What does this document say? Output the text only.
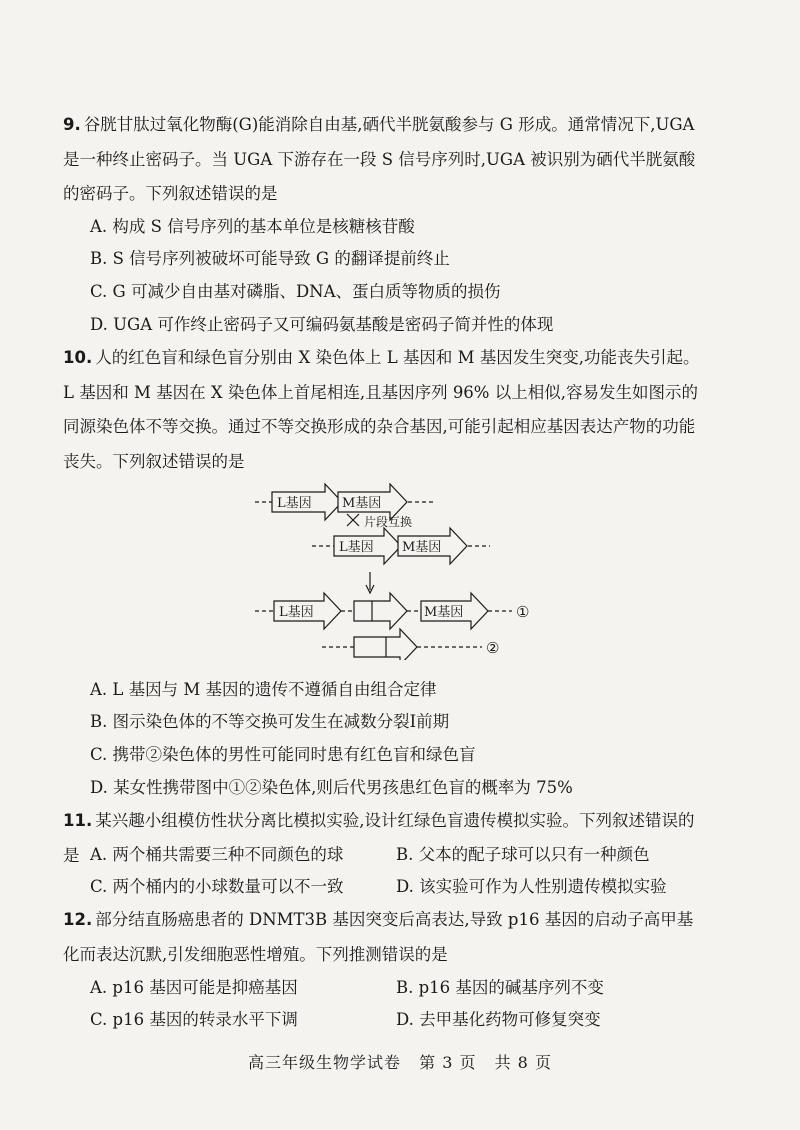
9. 谷胱甘肽过氧化物酶(G)能消除自由基,硒代半胱氨酸参与 G 形成。通常情况下,UGA 是一种终止密码子。当 UGA 下游存在一段 S 信号序列时,UGA 被识别为硒代半胱氨酸的密码子。下列叙述错误的是
A. 构成 S 信号序列的基本单位是核糖核苷酸
B. S 信号序列被破坏可能导致 G 的翻译提前终止
C. G 可减少自由基对磷脂、DNA、蛋白质等物质的损伤
D. UGA 可作终止密码子又可编码氨基酸是密码子简并性的体现
10. 人的红色盲和绿色盲分别由 X 染色体上 L 基因和 M 基因发生突变,功能丧失引起。L 基因和 M 基因在 X 染色体上首尾相连,且基因序列 96% 以上相似,容易发生如图示的同源染色体不等交换。通过不等交换形成的杂合基因,可能引起相应基因表达产物的功能丧失。下列叙述错误的是
L基因 M基因
片段互换
L基因 M基因
L基因	M基因	①
②
A. L 基因与 M 基因的遗传不遵循自由组合定律
B. 图示染色体的不等交换可发生在减数分裂Ⅰ前期
C. 携带②染色体的男性可能同时患有红色盲和绿色盲
D. 某女性携带图中①②染色体,则后代男孩患红色盲的概率为 75%
11. 某兴趣小组模仿性状分离比模拟实验,设计红绿色盲遗传模拟实验。下列叙述错误的是 A. 两个桶共需要三种不同颜色的球	B. 父本的配子球可以只有一种颜色
C. 两个桶内的小球数量可以不一致	D. 该实验可作为人性别遗传模拟实验
12. 部分结直肠癌患者的 DNMT3B 基因突变后高表达,导致 p16 基因的启动子高甲基化而表达沉默,引发细胞恶性增殖。下列推测错误的是
A. p16 基因可能是抑癌基因	B. p16 基因的碱基序列不变
C. p16 基因的转录水平下调	D. 去甲基化药物可修复突变
高三年级生物学试卷 第 3 页 共 8 页
